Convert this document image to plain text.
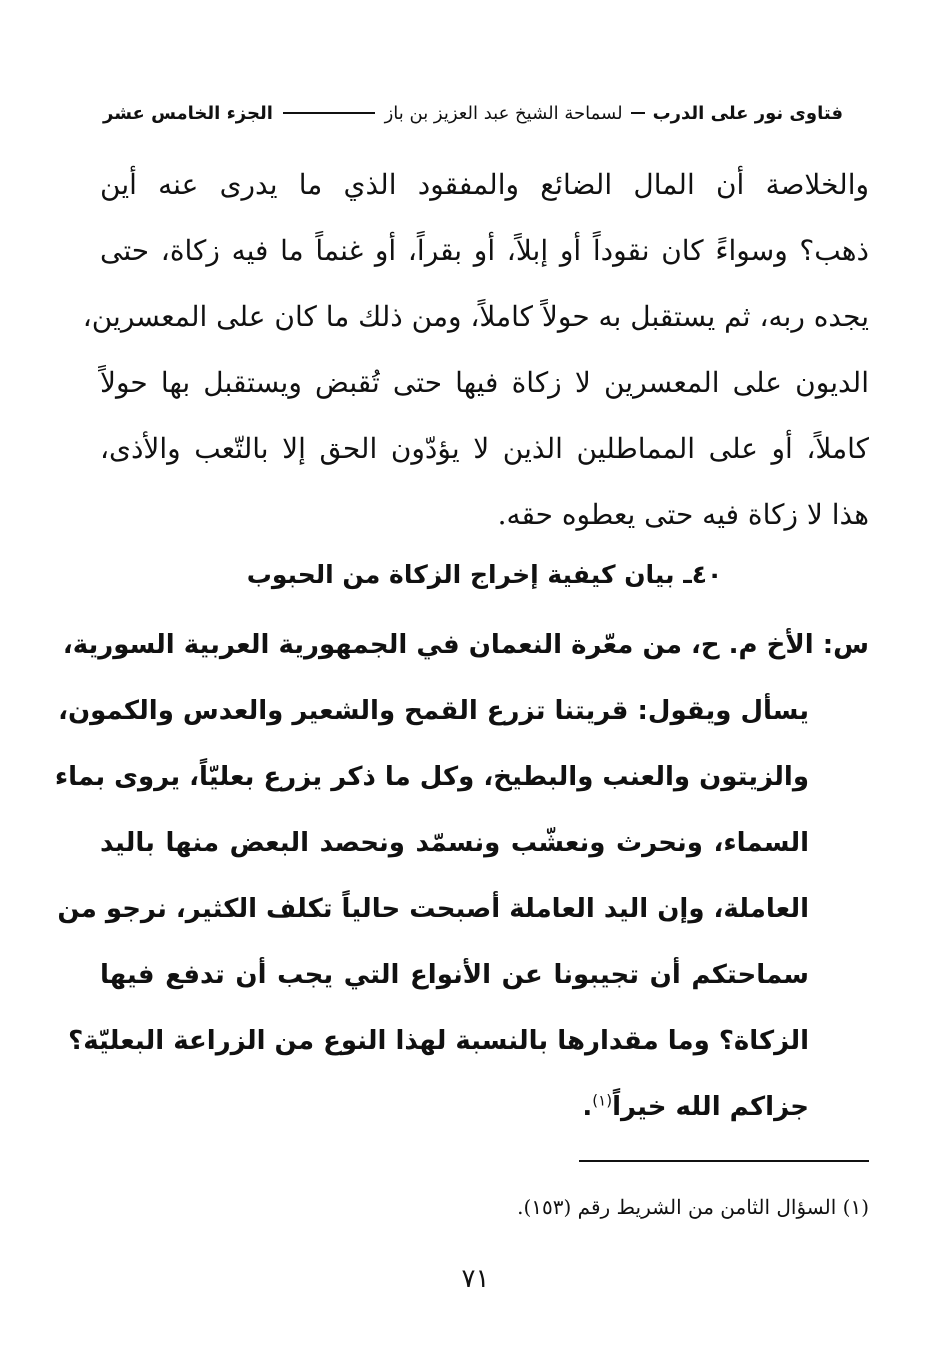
فتاوى نور على الدرب
لسماحة الشيخ عبد العزيز بن باز
الجزء الخامس عشر
والخلاصة أن المال الضائع والمفقود الذي ما يدرى عنه أين
ذهب؟ وسواءً كان نقوداً أو إبلاً، أو بقراً، أو غنماً ما فيه زكاة، حتى
يجده ربه، ثم يستقبل به حولاً كاملاً، ومن ذلك ما كان على المعسرين،
الديون على المعسرين لا زكاة فيها حتى تُقبض ويستقبل بها حولاً
كاملاً، أو على المماطلين الذين لا يؤدّون الحق إلا بالتّعب والأذى،
هذا لا زكاة فيه حتى يعطوه حقه.
٤٠ـ بيان كيفية إخراج الزكاة من الحبوب
س: الأخ م. ح، من معّرة النعمان في الجمهورية العربية السورية،
يسأل ويقول: قريتنا تزرع القمح والشعير والعدس والكمون،
والزيتون والعنب والبطيخ، وكل ما ذكر يزرع بعليّاً، يروى بماء
السماء، ونحرث ونعشّب ونسمّد ونحصد البعض منها باليد
العاملة، وإن اليد العاملة أصبحت حالياً تكلف الكثير، نرجو من
سماحتكم أن تجيبونا عن الأنواع التي يجب أن تدفع فيها
الزكاة؟ وما مقدارها بالنسبة لهذا النوع من الزراعة البعليّة؟
جزاكم الله خيراً$^{(١)}$.
(١) السؤال الثامن من الشريط رقم (١٥٣).
٧١
